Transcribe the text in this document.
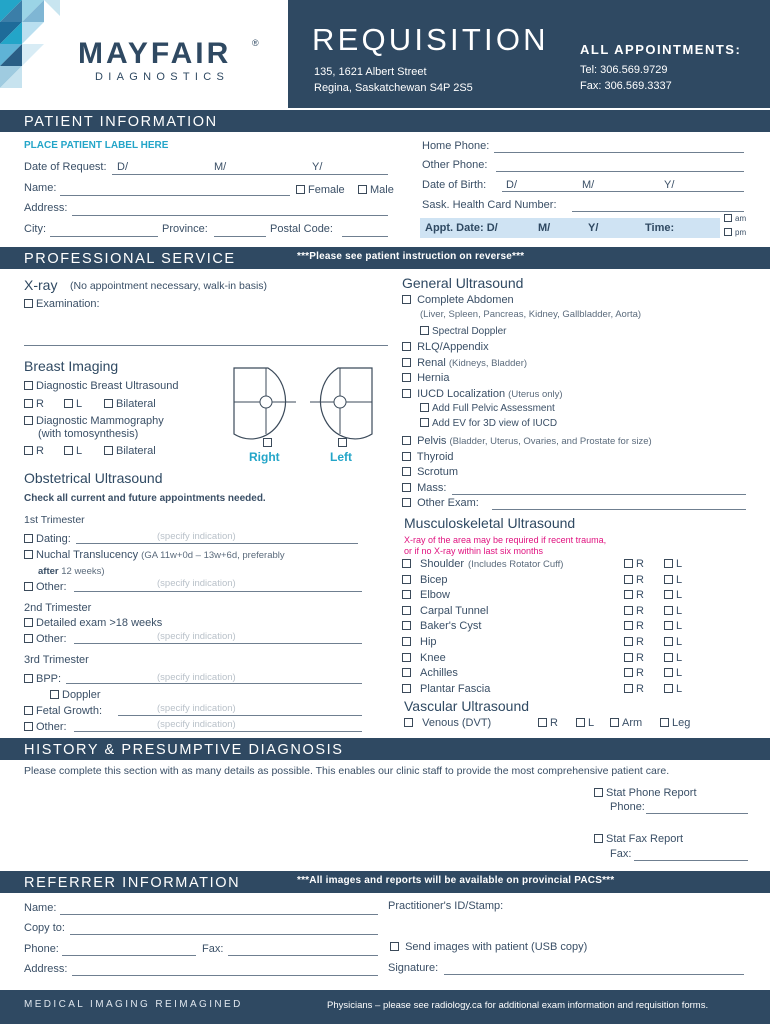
MAYFAIR ®
DIAGNOSTICS
REQUISITION
135, 1621 Albert Street
Regina, Saskatchewan S4P 2S5
ALL APPOINTMENTS:
Tel: 306.569.9729
Fax: 306.569.3337
PATIENT INFORMATION
PLACE PATIENT LABEL HERE
Date of Request: D/	M/	Y/
Name:	Female	Male
Address:
City:	Province:	Postal Code:
Home Phone:
Other Phone:
Date of Birth: D/	M/	Y/
Sask. Health Card Number:
Appt. Date: D/	M/	Y/	Time:
am
pm
PROFESSIONAL SERVICE	***Please see patient instruction on reverse***
X-ray (No appointment necessary, walk-in basis)
Examination:
Breast Imaging
Diagnostic Breast Ultrasound
R	L	Bilateral
Diagnostic Mammography
(with tomosynthesis)
R	L	Bilateral	Right	Left
Obstetrical Ultrasound
Check all current and future appointments needed.
1st Trimester
Dating:	(specify indication)
Nuchal Translucency (GA 11w+0d – 13w+6d, preferably
after 12 weeks)
Other:	(specify indication)
2nd Trimester
Detailed exam >18 weeks
Other:	(specify indication)
3rd Trimester
BPP:	(specify indication)
Doppler
Fetal Growth:	(specify indication)
Other:	(specify indication)
General Ultrasound
Complete Abdomen
(Liver, Spleen, Pancreas, Kidney, Gallbladder, Aorta)
Spectral Doppler
RLQ/Appendix
Renal (Kidneys, Bladder)
Hernia
IUCD Localization (Uterus only)
Add Full Pelvic Assessment
Add EV for 3D view of IUCD
Pelvis (Bladder, Uterus, Ovaries, and Prostate for size)
Thyroid
Scrotum
Mass:
Other Exam:
Musculoskeletal Ultrasound
X-ray of the area may be required if recent trauma,
or if no X-ray within last six months
Shoulder (Includes Rotator Cuff)	R	L
Bicep	R	L
Elbow	R	L
Carpal Tunnel	R	L
Baker's Cyst	R	L
Hip	R	L
Knee	R	L
Achilles	R	L
Plantar Fascia	R	L
Vascular Ultrasound
Venous (DVT)	R	L	Arm	Leg
HISTORY & PRESUMPTIVE DIAGNOSIS
Please complete this section with as many details as possible. This enables our clinic staff to provide the most comprehensive patient care.
Stat Phone Report
Phone:
Stat Fax Report
Fax:
REFERRER INFORMATION	***All images and reports will be available on provincial PACS***
Name:
Copy to:
Phone:	Fax:
Address:
Practitioner's ID/Stamp:
Send images with patient (USB copy)
Signature:
MEDICAL IMAGING REIMAGINED	Physicians – please see radiology.ca for additional exam information and requisition forms.
